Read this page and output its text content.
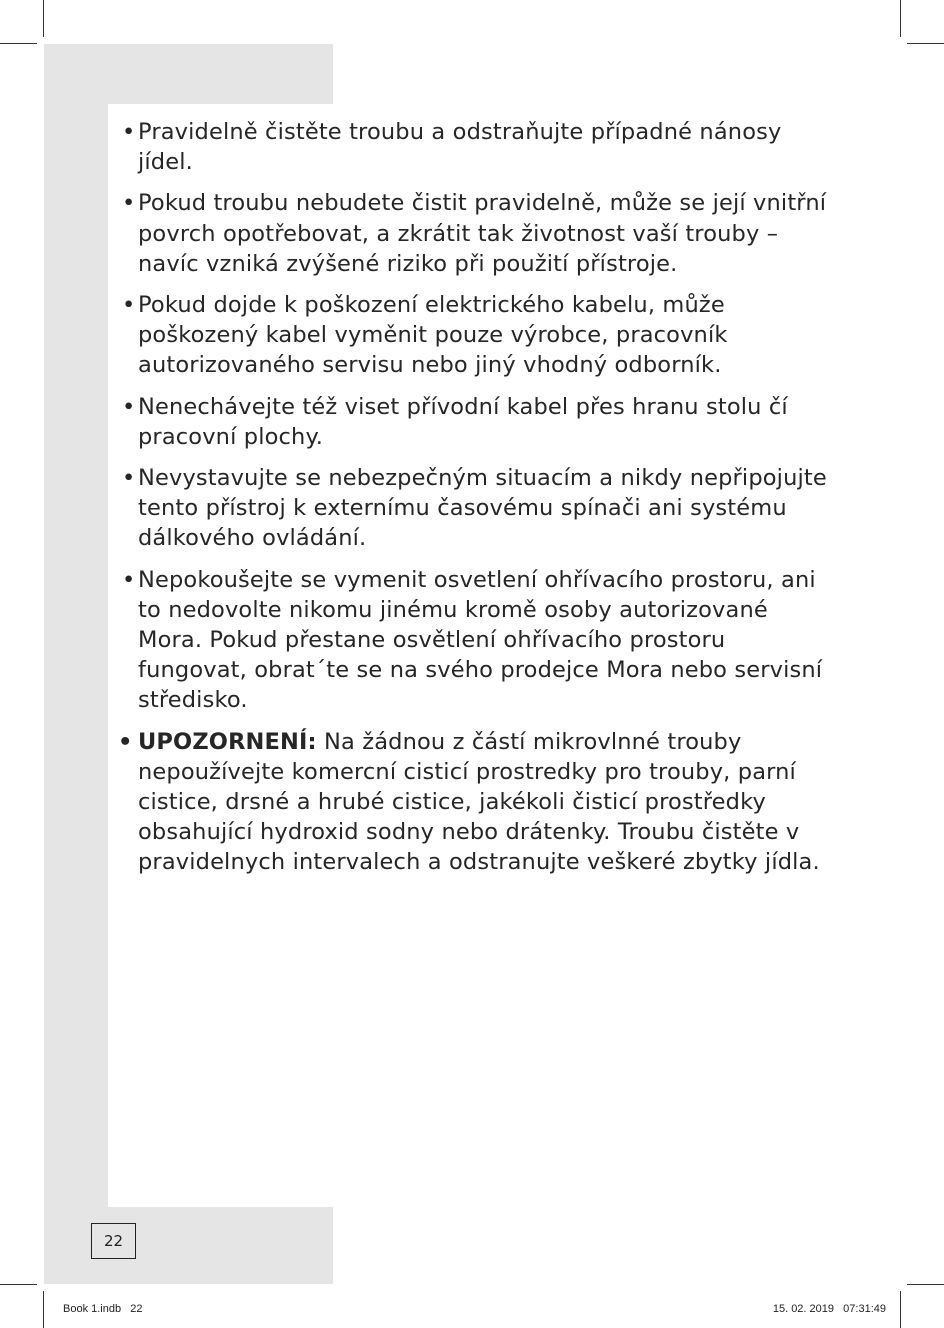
• Pravidelně čistěte troubu a odstraňujte případné nánosy jídel.
• Pokud troubu nebudete čistit pravidelně, může se její vnitřní povrch opotřebovat, a zkrátit tak životnost vaší trouby – navíc vzniká zvýšené riziko při použití přístroje.
• Pokud dojde k poškození elektrického kabelu, může poškozený kabel vyměnit pouze výrobce, pracovník autorizovaného servisu nebo jiný vhodný odborník.
• Nenechávejte též viset přívodní kabel přes hranu stolu čí pracovní plochy.
• Nevystavujte se nebezpečným situacím a nikdy nepřipojujte tento přístroj k externímu časovému spínači ani systému dálkového ovládání.
• Nepokoušejte se vymenit osvetlení ohřívacího prostoru, ani to nedovolte nikomu jinému kromě osoby autorizované Mora. Pokud přestane osvětlení ohřívacího prostoru fungovat, obrat´te se na svého prodejce Mora nebo servisní středisko.
• UPOZORNENÍ: Na žádnou z částí mikrovlnné trouby nepoužívejte komercní cisticí prostredky pro trouby, parní cistice, drsné a hrubé cistice, jakékoli čisticí prostředky obsahující hydroxid sodny nebo drátenky. Troubu čistěte v pravidelnych intervalech a odstranujte veškeré zbytky jídla.
22
Book 1.indb   22	15. 02. 2019   07:31:49
